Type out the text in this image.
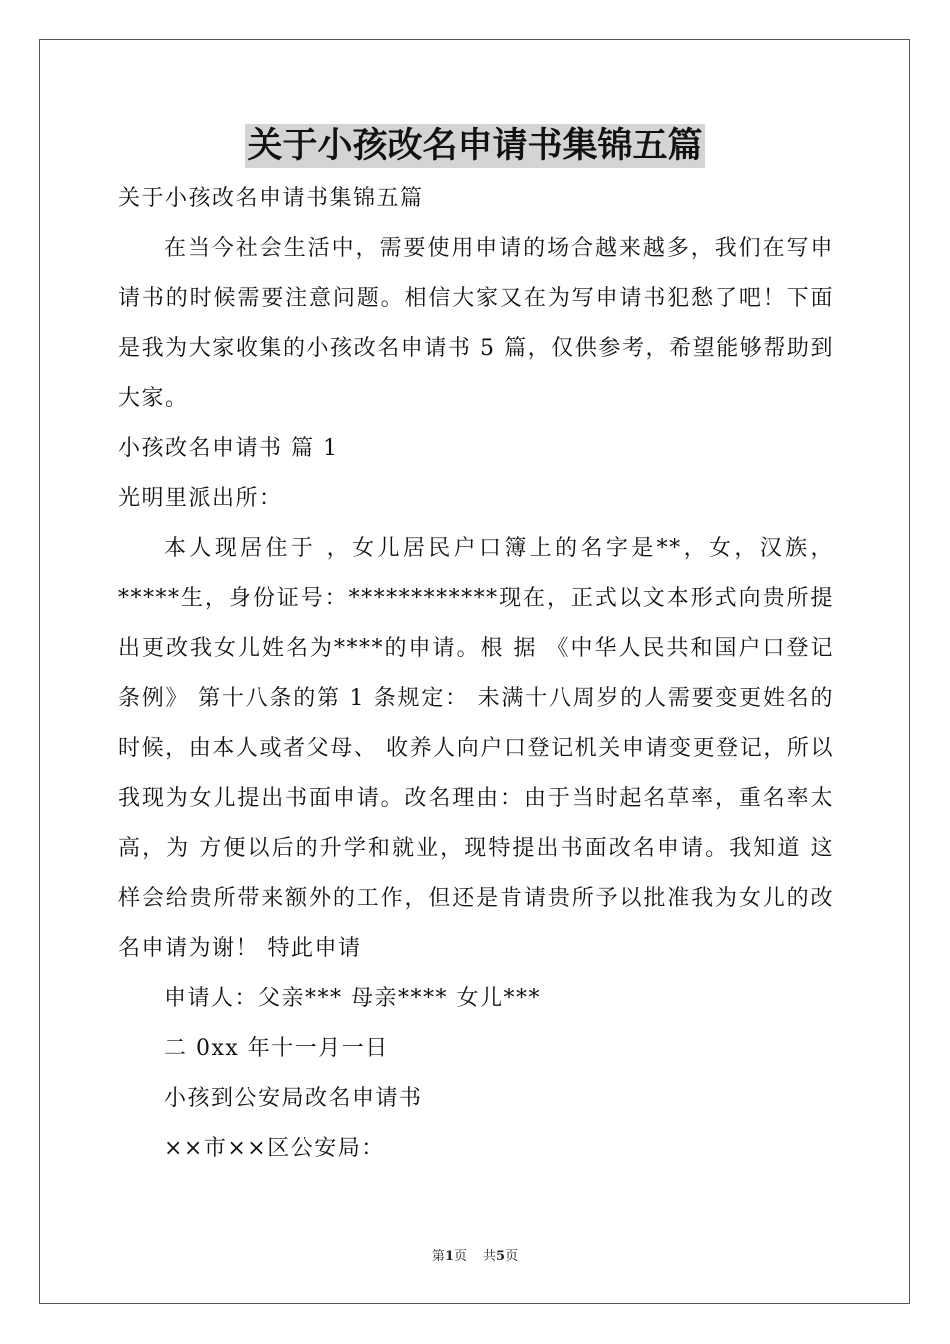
关于小孩改名申请书集锦五篇

关于小孩改名申请书集锦五篇

在当今社会生活中，需要使用申请的场合越来越多，我们在写申请书的时候需要注意问题。相信大家又在为写申请书犯愁了吧！下面是我为大家收集的小孩改名申请书 5 篇，仅供参考，希望能够帮助到大家。

小孩改名申请书 篇 1

光明里派出所：

本人现居住于 ，女儿居民户口簿上的名字是**，女，汉族，*****生，身份证号：************现在，正式以文本形式向贵所提出更改我女儿姓名为****的申请。根 据 《中华人民共和国户口登记条例》 第十八条的第 1 条规定： 未满十八周岁的人需要变更姓名的时候，由本人或者父母、 收养人向户口登记机关申请变更登记，所以我现为女儿提出书面申请。改名理由：由于当时起名草率，重名率太高，为 方便以后的升学和就业，现特提出书面改名申请。我知道 这样会给贵所带来额外的工作，但还是肯请贵所予以批准我为女儿的改名申请为谢！ 特此申请

申请人：父亲*** 母亲**** 女儿***

二 0xx 年十一月一日

小孩到公安局改名申请书

××市××区公安局：

第1页 共5页
